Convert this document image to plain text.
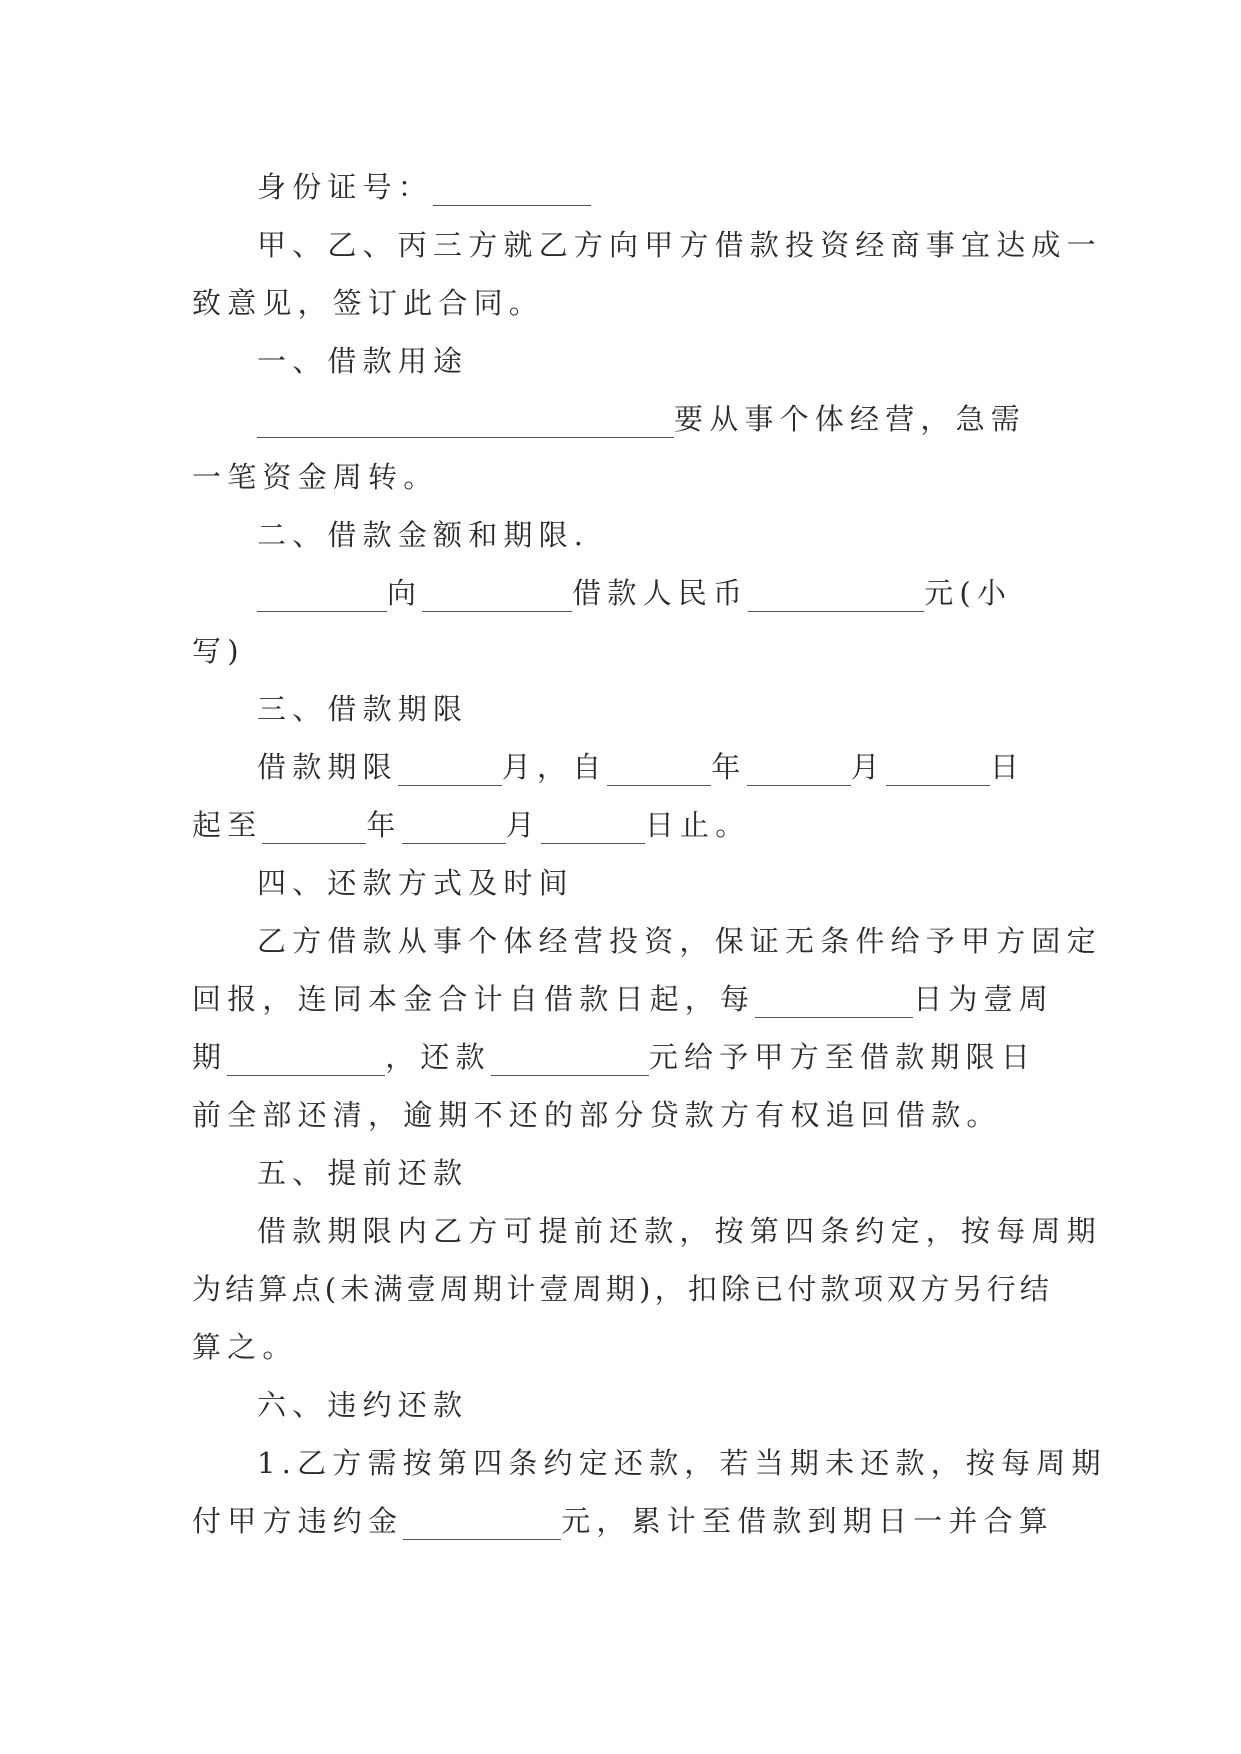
身份证号：
甲、乙、丙三方就乙方向甲方借款投资经商事宜达成一
致意见，签订此合同。
一、借款用途
要从事个体经营，急需
一笔资金周转。
二、借款金额和期限.
向	借款人民币	元(小
写)
三、借款期限
借款期限	月，自	年	月	日
起至	年	月	日止。
四、还款方式及时间
乙方借款从事个体经营投资，保证无条件给予甲方固定
回报，连同本金合计自借款日起，每	日为壹周
期	，还款	元给予甲方至借款期限日
前全部还清，逾期不还的部分贷款方有权追回借款。
五、提前还款
借款期限内乙方可提前还款，按第四条约定，按每周期
为结算点(未满壹周期计壹周期)，扣除已付款项双方另行结
算之。
六、违约还款
1.乙方需按第四条约定还款，若当期未还款，按每周期
付甲方违约金	元，累计至借款到期日一并合算
